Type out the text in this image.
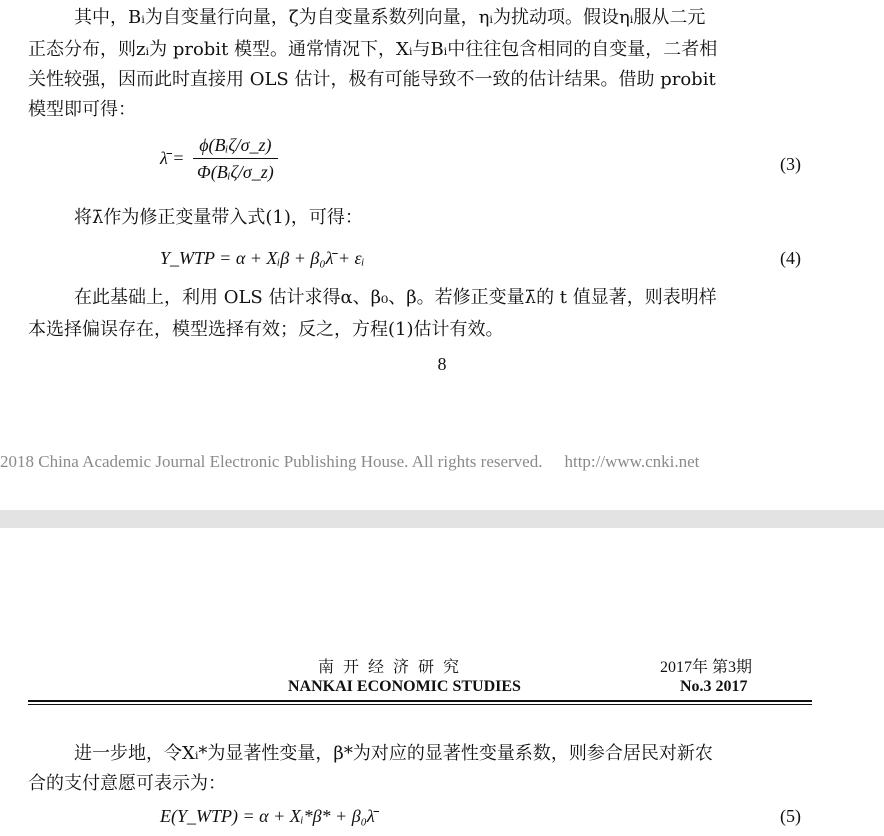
其中，Bᵢ为自变量行向量，ζ为自变量系数列向量，ηᵢ为扰动项。假设ηᵢ服从二元
正态分布，则zᵢ为 probit 模型。通常情况下，Xᵢ与Bᵢ中往往包含相同的自变量，二者相
关性较强，因而此时直接用 OLS 估计，极有可能导致不一致的估计结果。借助 probit
模型即可得：
λ̄ =
ϕ(Bᵢζ/σ_z)
Φ(Bᵢζ/σ_z)	(3)
将λ̄作为修正变量带入式(1)，可得：
Y_WTP = α + Xᵢβ + β₀λ̄ + εᵢ	(4)
在此基础上，利用 OLS 估计求得α、β₀、β。若修正变量λ̄的 t 值显著，则表明样
本选择偏误存在，模型选择有效；反之，方程(1)估计有效。
8
2018 China Academic Journal Electronic Publishing House. All rights reserved. http://www.cnki.net
南开经济研究	2017年 第3期
NANKAI ECONOMIC STUDIES	No.3 2017
进一步地，令Xᵢ*为显著性变量，β*为对应的显著性变量系数，则参合居民对新农
合的支付意愿可表示为：
E(Y_WTP) = α + Xᵢ*β* + β₀λ̄	(5)
